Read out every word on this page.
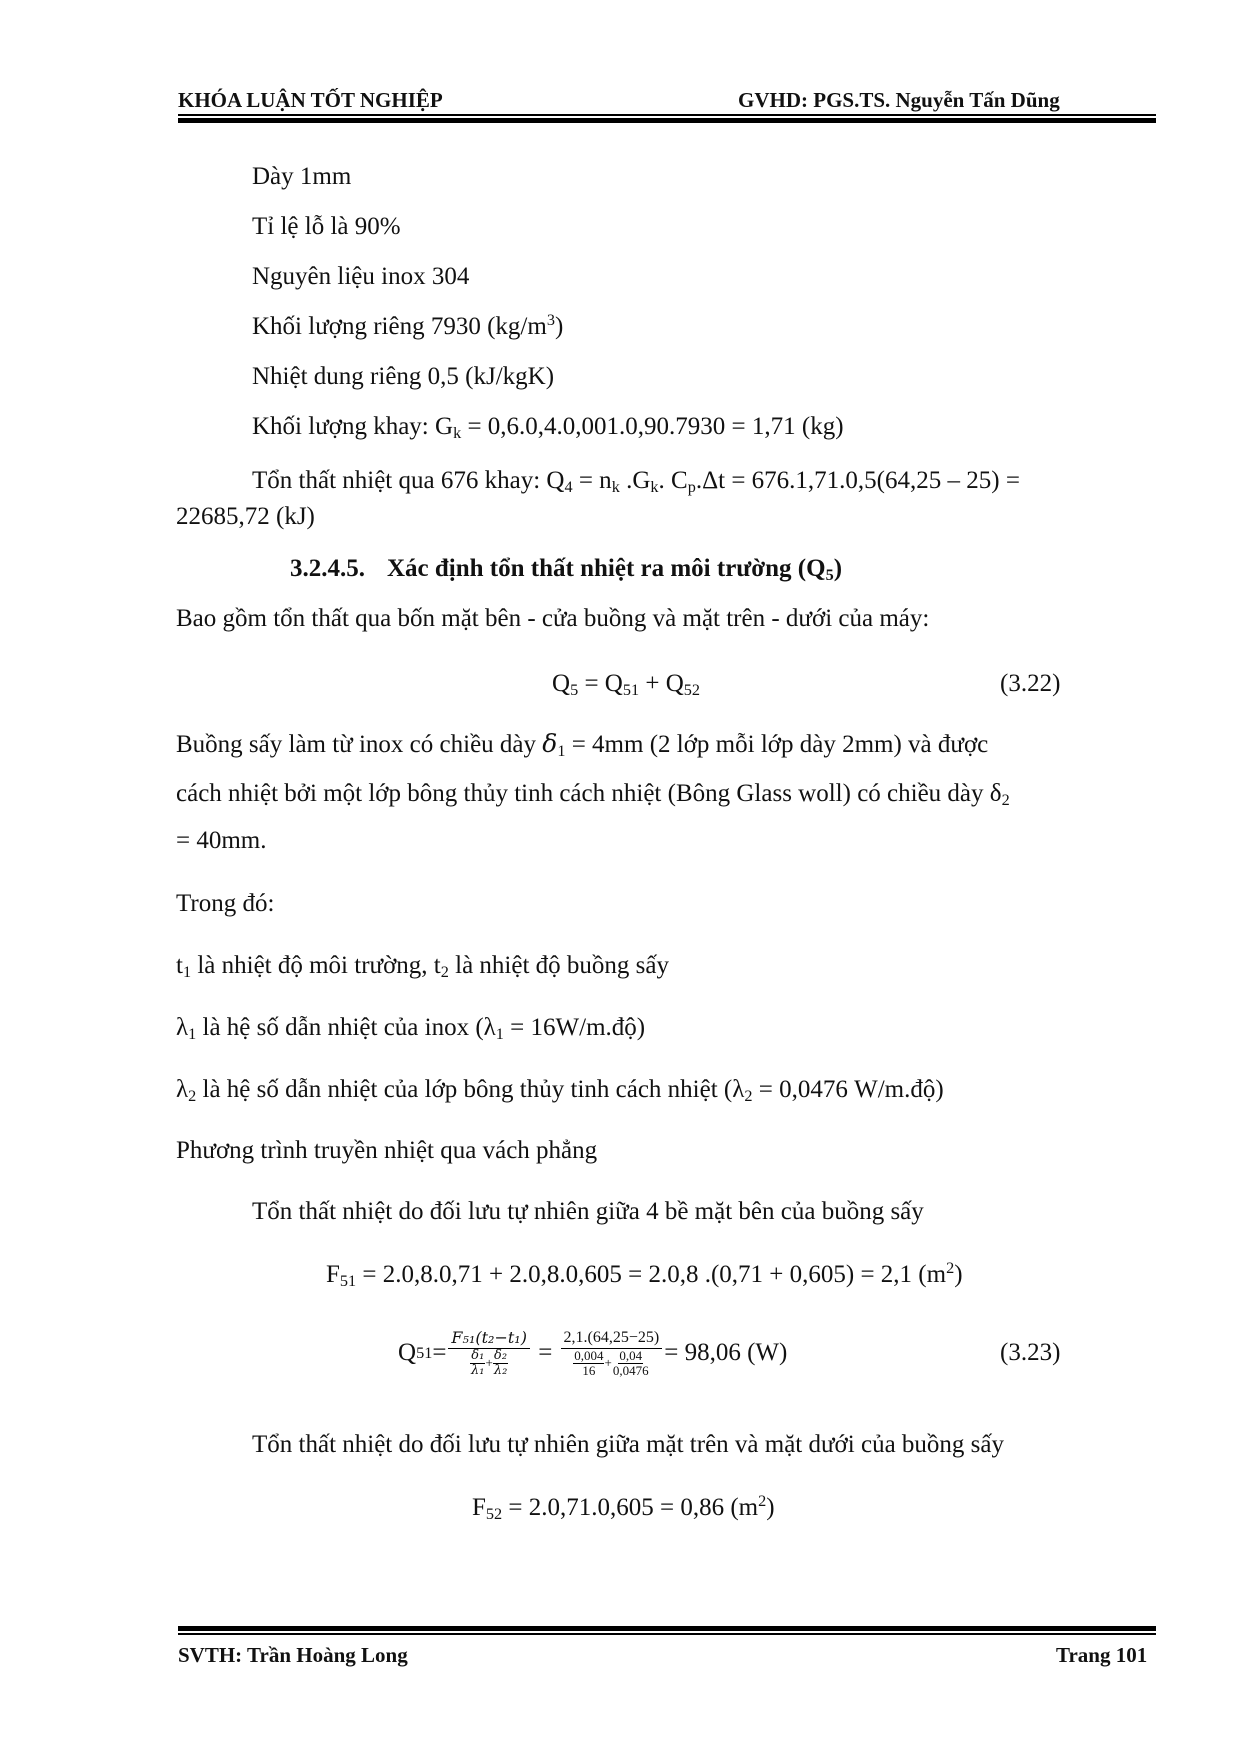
KHÓA LUẬN TỐT NGHIỆP	GVHD: PGS.TS. Nguyễn Tấn Dũng
Dày 1mm
Tỉ lệ lỗ là 90%
Nguyên liệu inox 304
Khối lượng riêng 7930 $(kg/m^3)$
Nhiệt dung riêng 0,5 (kJ/kgK)
Khối lượng khay: $G_k = 0,6.0,4.0,001.0,90.7930 = 1,71$ (kg)
Tổn thất nhiệt qua 676 khay: $Q_4 = n_k$ $.G_k$. $C_p.\Delta t = 676.1,71.0,5(64,25 - 25)$ =
22685,72 (kJ)
3.2.4.5. Xác định tổn thất nhiệt ra môi trường $(Q_5)$
Bao gồm tổn thất qua bốn mặt bên - cửa buồng và mặt trên - dưới của máy:
$Q_5 = Q_{51} + Q_{52}$	(3.22)
Buồng sấy làm từ inox có chiều dày $\delta_1 = 4mm$ (2 lớp mỗi lớp dày 2mm) và được
cách nhiệt bởi một lớp bông thủy tinh cách nhiệt (Bông Glass woll) có chiều dày $\delta_2$
= 40mm.
Trong đó:
$t_1$ là nhiệt độ môi trường, $t_2$ là nhiệt độ buồng sấy
$\lambda_1$ là hệ số dẫn nhiệt của inox ($\lambda_1$ = 16W/m.độ)
$\lambda_2$ là hệ số dẫn nhiệt của lớp bông thủy tinh cách nhiệt ($\lambda_2 = 0,0476$ W/m.độ)
Phương trình truyền nhiệt qua vách phẳng
Tổn thất nhiệt do đối lưu tự nhiên giữa 4 bề mặt bên của buồng sấy
$F_{51} = 2.0,8.0,71 + 2.0,8.0,605 = 2.0,8$ .(0,71 + 0,605) = 2,1 $(m^2)$
Q $51 = \frac{\text{F₅₁(t₂−t₁)}}{\frac{\text{δ₁}}{\text{λ₁}} + \frac{\text{δ₂}}{\text{λ₂}}} = \frac{2,1.(64,25-25)}{\frac{0,004}{16} + \frac{0,04}{0,0476}} = 98,06$ (W)	(3.23)
Tổn thất nhiệt do đối lưu tự nhiên giữa mặt trên và mặt dưới của buồng sấy
$F_{52} = 2.0,71.0,605 = 0,86$ $(m^2)$
SVTH: Trần Hoàng Long	Trang 101
